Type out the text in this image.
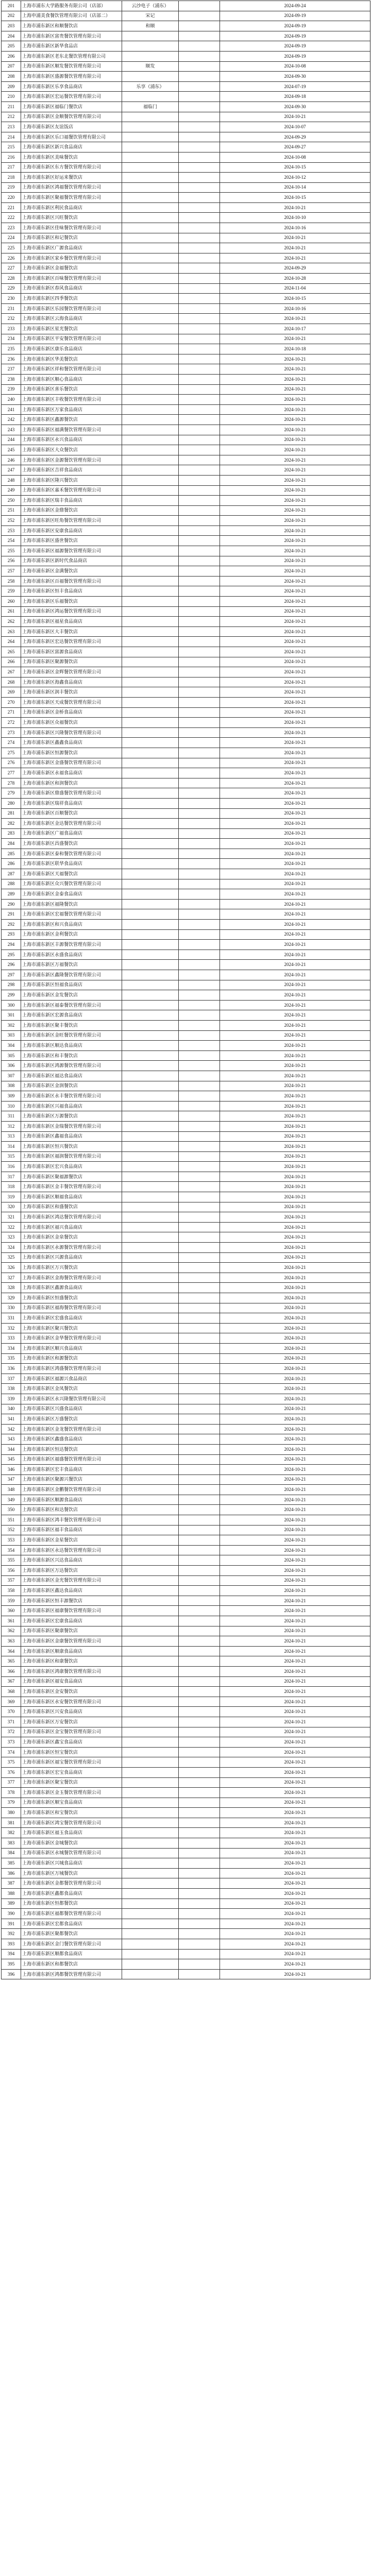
201	上海市浦东大学路服务有限公司（店部）	云沙电子（浦东）		2024-09-24
202	上海申浦美食餐饮管理有限公司（店部二）	宋记		2024-09-19
203	上海市浦东新区和顺餐饮店	和顺		2024-09-19
204	上海市浦东新区富贵餐饮管理有限公司			2024-09-19
205	上海市浦东新区新华食品店			2024-09-19
206	上海市浦东新区老东北餐饮管理有限公司			2024-09-19
207	上海市浦东新区顺发餐饮管理有限公司	顺发		2024-10-08
208	上海市浦东新区盛源餐饮管理有限公司			2024-09-30
209	上海市浦东新区乐享食品商店	乐享（浦东）		2024-07-19
210	上海市浦东新区宏运餐饮管理有限公司			2024-09-18
211	上海市浦东新区福临门餐饮店	福临门		2024-09-30
212	上海市浦东新区金顺餐饮管理有限公司			2024-10-21
213	上海市浦东新区友谊饭店			2024-10-07
214	上海市浦东新区乐口福餐饮管理有限公司			2024-09-29
215	上海市浦东新区新兴食品商店			2024-09-27
216	上海市浦东新区美味餐饮店			2024-10-08
217	上海市浦东新区东方餐饮管理有限公司			2024-10-15
218	上海市浦东新区好运来餐饮店			2024-10-12
219	上海市浦东新区鸿福餐饮管理有限公司			2024-10-14
220	上海市浦东新区聚福餐饮管理有限公司			2024-10-15
221	上海市浦东新区利民食品商店			2024-10-21
222	上海市浦东新区兴旺餐饮店			2024-10-10
223	上海市浦东新区佳味餐饮管理有限公司			2024-10-16
224	上海市浦东新区和记餐饮店			2024-10-21
225	上海市浦东新区广源食品商店			2024-10-21
226	上海市浦东新区家乡餐饮管理有限公司			2024-10-21
227	上海市浦东新区金福餐饮店			2024-09-29
228	上海市浦东新区百味餐饮管理有限公司			2024-10-28
229	上海市浦东新区春风食品商店			2024-11-04
230	上海市浦东新区四季餐饮店			2024-10-15
231	上海市浦东新区乐园餐饮管理有限公司			2024-10-16
232	上海市浦东新区云海食品商店			2024-10-21
233	上海市浦东新区星光餐饮店			2024-10-17
234	上海市浦东新区平安餐饮管理有限公司			2024-10-21
235	上海市浦东新区康乐食品商店			2024-10-18
236	上海市浦东新区华美餐饮店			2024-10-21
237	上海市浦东新区祥和餐饮管理有限公司			2024-10-21
238	上海市浦东新区顺心食品商店			2024-10-21
239	上海市浦东新区喜乐餐饮店			2024-10-21
240	上海市浦东新区丰收餐饮管理有限公司			2024-10-21
241	上海市浦东新区万家食品商店			2024-10-21
242	上海市浦东新区鑫源餐饮店			2024-10-21
243	上海市浦东新区福满餐饮管理有限公司			2024-10-21
244	上海市浦东新区永兴食品商店			2024-10-21
245	上海市浦东新区大众餐饮店			2024-10-21
246	上海市浦东新区金源餐饮管理有限公司			2024-10-21
247	上海市浦东新区吉祥食品商店			2024-10-21
248	上海市浦东新区隆兴餐饮店			2024-10-21
249	上海市浦东新区嘉禾餐饮管理有限公司			2024-10-21
250	上海市浦东新区瑞丰食品商店			2024-10-21
251	上海市浦东新区金鼎餐饮店			2024-10-21
252	上海市浦东新区旺角餐饮管理有限公司			2024-10-21
253	上海市浦东新区安康食品商店			2024-10-21
254	上海市浦东新区盛世餐饮店			2024-10-21
255	上海市浦东新区福源餐饮管理有限公司			2024-10-21
256	上海市浦东新区新时代食品商店			2024-10-21
257	上海市浦东新区金满餐饮店			2024-10-21
258	上海市浦东新区百福餐饮管理有限公司			2024-10-21
259	上海市浦东新区恒丰食品商店			2024-10-21
260	上海市浦东新区乐福餐饮店			2024-10-21
261	上海市浦东新区鸿运餐饮管理有限公司			2024-10-21
262	上海市浦东新区福星食品商店			2024-10-21
263	上海市浦东新区大丰餐饮店			2024-10-21
264	上海市浦东新区宏达餐饮管理有限公司			2024-10-21
265	上海市浦东新区富源食品商店			2024-10-21
266	上海市浦东新区聚源餐饮店			2024-10-21
267	上海市浦东新区金辉餐饮管理有限公司			2024-10-21
268	上海市浦东新区海鑫食品商店			2024-10-21
269	上海市浦东新区润丰餐饮店			2024-10-21
270	上海市浦东新区天成餐饮管理有限公司			2024-10-21
271	上海市浦东新区金桥食品商店			2024-10-21
272	上海市浦东新区众福餐饮店			2024-10-21
273	上海市浦东新区兴隆餐饮管理有限公司			2024-10-21
274	上海市浦东新区鑫鑫食品商店			2024-10-21
275	上海市浦东新区恒源餐饮店			2024-10-21
276	上海市浦东新区金盛餐饮管理有限公司			2024-10-21
277	上海市浦东新区永福食品商店			2024-10-21
278	上海市浦东新区和润餐饮店			2024-10-21
279	上海市浦东新区鼎盛餐饮管理有限公司			2024-10-21
280	上海市浦东新区瑞祥食品商店			2024-10-21
281	上海市浦东新区百顺餐饮店			2024-10-21
282	上海市浦东新区金达餐饮管理有限公司			2024-10-21
283	上海市浦东新区广福食品商店			2024-10-21
284	上海市浦东新区昌盛餐饮店			2024-10-21
285	上海市浦东新区泰和餐饮管理有限公司			2024-10-21
286	上海市浦东新区联华食品商店			2024-10-21
287	上海市浦东新区天福餐饮店			2024-10-21
288	上海市浦东新区众兴餐饮管理有限公司			2024-10-21
289	上海市浦东新区金泰食品商店			2024-10-21
290	上海市浦东新区福隆餐饮店			2024-10-21
291	上海市浦东新区宏福餐饮管理有限公司			2024-10-21
292	上海市浦东新区和兴食品商店			2024-10-21
293	上海市浦东新区金利餐饮店			2024-10-21
294	上海市浦东新区丰源餐饮管理有限公司			2024-10-21
295	上海市浦东新区永盛食品商店			2024-10-21
296	上海市浦东新区万福餐饮店			2024-10-21
297	上海市浦东新区鑫隆餐饮管理有限公司			2024-10-21
298	上海市浦东新区恒福食品商店			2024-10-21
299	上海市浦东新区金发餐饮店			2024-10-21
300	上海市浦东新区福泰餐饮管理有限公司			2024-10-21
301	上海市浦东新区宏源食品商店			2024-10-21
302	上海市浦东新区聚丰餐饮店			2024-10-21
303	上海市浦东新区金旺餐饮管理有限公司			2024-10-21
304	上海市浦东新区顺达食品商店			2024-10-21
305	上海市浦东新区和丰餐饮店			2024-10-21
306	上海市浦东新区鸿源餐饮管理有限公司			2024-10-21
307	上海市浦东新区福达食品商店			2024-10-21
308	上海市浦东新区金润餐饮店			2024-10-21
309	上海市浦东新区永丰餐饮管理有限公司			2024-10-21
310	上海市浦东新区兴福食品商店			2024-10-21
311	上海市浦东新区万源餐饮店			2024-10-21
312	上海市浦东新区金瑞餐饮管理有限公司			2024-10-21
313	上海市浦东新区鑫福食品商店			2024-10-21
314	上海市浦东新区恒兴餐饮店			2024-10-21
315	上海市浦东新区福润餐饮管理有限公司			2024-10-21
316	上海市浦东新区宏兴食品商店			2024-10-21
317	上海市浦东新区聚福源餐饮店			2024-10-21
318	上海市浦东新区金丰餐饮管理有限公司			2024-10-21
319	上海市浦东新区顺福食品商店			2024-10-21
320	上海市浦东新区和盛餐饮店			2024-10-21
321	上海市浦东新区鸿达餐饮管理有限公司			2024-10-21
322	上海市浦东新区福兴食品商店			2024-10-21
323	上海市浦东新区金泉餐饮店			2024-10-21
324	上海市浦东新区永源餐饮管理有限公司			2024-10-21
325	上海市浦东新区兴源食品商店			2024-10-21
326	上海市浦东新区万兴餐饮店			2024-10-21
327	上海市浦东新区金海餐饮管理有限公司			2024-10-21
328	上海市浦东新区鑫源食品商店			2024-10-21
329	上海市浦东新区恒盛餐饮店			2024-10-21
330	上海市浦东新区福海餐饮管理有限公司			2024-10-21
331	上海市浦东新区宏盛食品商店			2024-10-21
332	上海市浦东新区聚兴餐饮店			2024-10-21
333	上海市浦东新区金华餐饮管理有限公司			2024-10-21
334	上海市浦东新区顺兴食品商店			2024-10-21
335	上海市浦东新区和源餐饮店			2024-10-21
336	上海市浦东新区鸿盛餐饮管理有限公司			2024-10-21
337	上海市浦东新区福源兴食品商店			2024-10-21
338	上海市浦东新区金凤餐饮店			2024-10-21
339	上海市浦东新区永兴隆餐饮管理有限公司			2024-10-21
340	上海市浦东新区兴盛食品商店			2024-10-21
341	上海市浦东新区万盛餐饮店			2024-10-21
342	上海市浦东新区金龙餐饮管理有限公司			2024-10-21
343	上海市浦东新区鑫盛食品商店			2024-10-21
344	上海市浦东新区恒达餐饮店			2024-10-21
345	上海市浦东新区福盛餐饮管理有限公司			2024-10-21
346	上海市浦东新区宏丰食品商店			2024-10-21
347	上海市浦东新区聚源兴餐饮店			2024-10-21
348	上海市浦东新区金鹏餐饮管理有限公司			2024-10-21
349	上海市浦东新区顺源食品商店			2024-10-21
350	上海市浦东新区和达餐饮店			2024-10-21
351	上海市浦东新区鸿丰餐饮管理有限公司			2024-10-21
352	上海市浦东新区福丰食品商店			2024-10-21
353	上海市浦东新区金星餐饮店			2024-10-21
354	上海市浦东新区永达餐饮管理有限公司			2024-10-21
355	上海市浦东新区兴达食品商店			2024-10-21
356	上海市浦东新区万达餐饮店			2024-10-21
357	上海市浦东新区金光餐饮管理有限公司			2024-10-21
358	上海市浦东新区鑫达食品商店			2024-10-21
359	上海市浦东新区恒丰源餐饮店			2024-10-21
360	上海市浦东新区福康餐饮管理有限公司			2024-10-21
361	上海市浦东新区宏康食品商店			2024-10-21
362	上海市浦东新区聚康餐饮店			2024-10-21
363	上海市浦东新区金康餐饮管理有限公司			2024-10-21
364	上海市浦东新区顺康食品商店			2024-10-21
365	上海市浦东新区和康餐饮店			2024-10-21
366	上海市浦东新区鸿康餐饮管理有限公司			2024-10-21
367	上海市浦东新区福安食品商店			2024-10-21
368	上海市浦东新区金安餐饮店			2024-10-21
369	上海市浦东新区永安餐饮管理有限公司			2024-10-21
370	上海市浦东新区兴安食品商店			2024-10-21
371	上海市浦东新区万安餐饮店			2024-10-21
372	上海市浦东新区金宝餐饮管理有限公司			2024-10-21
373	上海市浦东新区鑫宝食品商店			2024-10-21
374	上海市浦东新区恒宝餐饮店			2024-10-21
375	上海市浦东新区福宝餐饮管理有限公司			2024-10-21
376	上海市浦东新区宏宝食品商店			2024-10-21
377	上海市浦东新区聚宝餐饮店			2024-10-21
378	上海市浦东新区金玉餐饮管理有限公司			2024-10-21
379	上海市浦东新区顺宝食品商店			2024-10-21
380	上海市浦东新区和宝餐饮店			2024-10-21
381	上海市浦东新区鸿宝餐饮管理有限公司			2024-10-21
382	上海市浦东新区福玉食品商店			2024-10-21
383	上海市浦东新区金城餐饮店			2024-10-21
384	上海市浦东新区永城餐饮管理有限公司			2024-10-21
385	上海市浦东新区兴城食品商店			2024-10-21
386	上海市浦东新区万城餐饮店			2024-10-21
387	上海市浦东新区金都餐饮管理有限公司			2024-10-21
388	上海市浦东新区鑫都食品商店			2024-10-21
389	上海市浦东新区恒都餐饮店			2024-10-21
390	上海市浦东新区福都餐饮管理有限公司			2024-10-21
391	上海市浦东新区宏都食品商店			2024-10-21
392	上海市浦东新区聚都餐饮店			2024-10-21
393	上海市浦东新区金门餐饮管理有限公司			2024-10-21
394	上海市浦东新区顺都食品商店			2024-10-21
395	上海市浦东新区和都餐饮店			2024-10-21
396	上海市浦东新区鸿都餐饮管理有限公司			2024-10-21
